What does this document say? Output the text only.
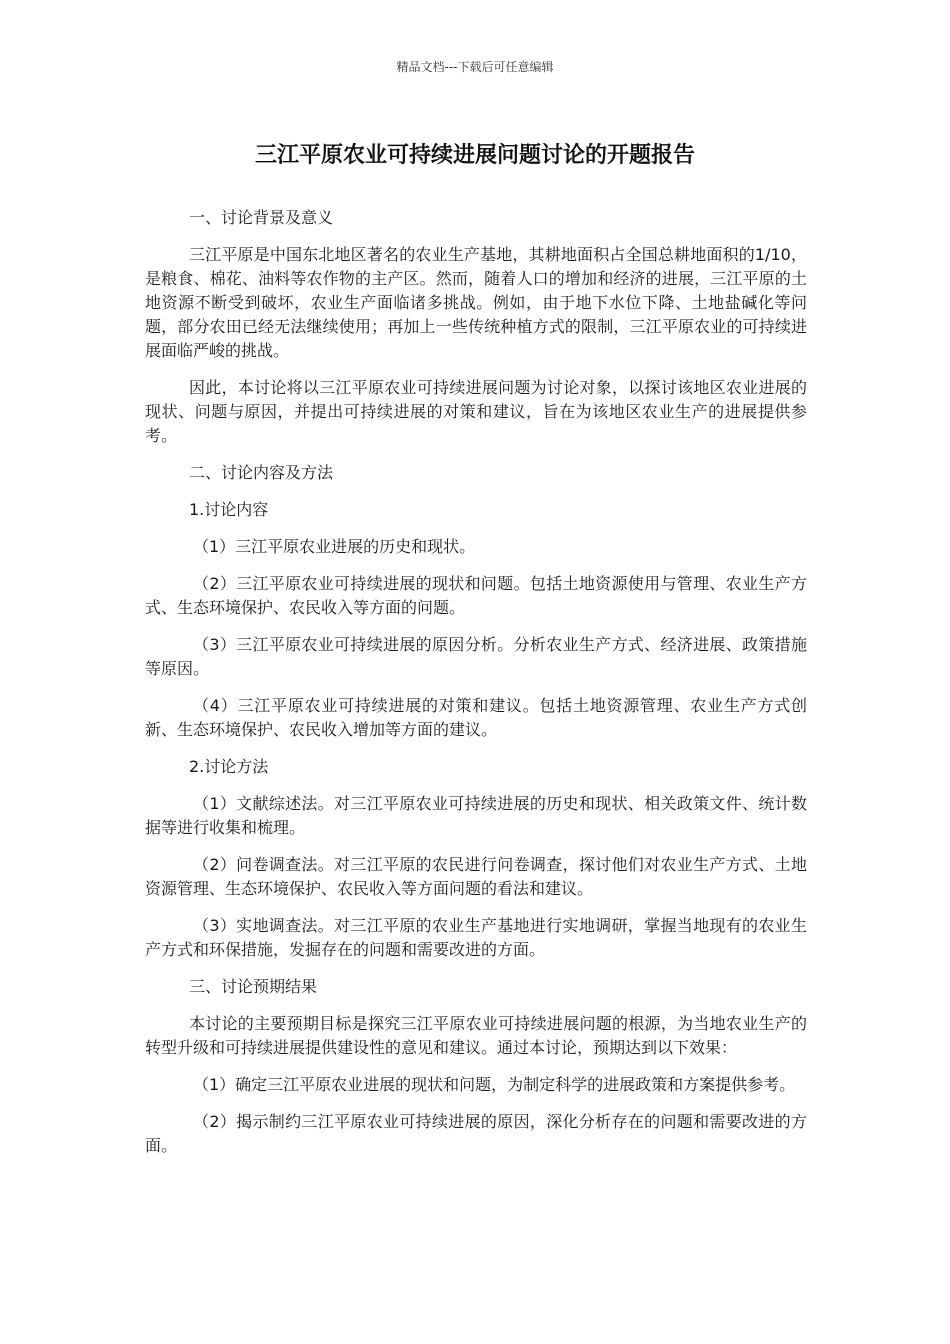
精品文档---下载后可任意编辑
三江平原农业可持续进展问题讨论的开题报告

一、讨论背景及意义

三江平原是中国东北地区著名的农业生产基地，其耕地面积占全国总耕地面积的1/10，是粮食、棉花、油料等农作物的主产区。然而，随着人口的增加和经济的进展，三江平原的土地资源不断受到破坏，农业生产面临诸多挑战。例如，由于地下水位下降、土地盐碱化等问题，部分农田已经无法继续使用；再加上一些传统种植方式的限制，三江平原农业的可持续进展面临严峻的挑战。

因此，本讨论将以三江平原农业可持续进展问题为讨论对象，以探讨该地区农业进展的现状、问题与原因，并提出可持续进展的对策和建议，旨在为该地区农业生产的进展提供参考。

二、讨论内容及方法

1.讨论内容

（1）三江平原农业进展的历史和现状。

（2）三江平原农业可持续进展的现状和问题。包括土地资源使用与管理、农业生产方式、生态环境保护、农民收入等方面的问题。

（3）三江平原农业可持续进展的原因分析。分析农业生产方式、经济进展、政策措施等原因。

（4）三江平原农业可持续进展的对策和建议。包括土地资源管理、农业生产方式创新、生态环境保护、农民收入增加等方面的建议。

2.讨论方法

（1）文献综述法。对三江平原农业可持续进展的历史和现状、相关政策文件、统计数据等进行收集和梳理。

（2）问卷调查法。对三江平原的农民进行问卷调查，探讨他们对农业生产方式、土地资源管理、生态环境保护、农民收入等方面问题的看法和建议。

（3）实地调查法。对三江平原的农业生产基地进行实地调研，掌握当地现有的农业生产方式和环保措施，发掘存在的问题和需要改进的方面。

三、讨论预期结果

本讨论的主要预期目标是探究三江平原农业可持续进展问题的根源，为当地农业生产的转型升级和可持续进展提供建设性的意见和建议。通过本讨论，预期达到以下效果：

（1）确定三江平原农业进展的现状和问题，为制定科学的进展政策和方案提供参考。

（2）揭示制约三江平原农业可持续进展的原因，深化分析存在的问题和需要改进的方面。
